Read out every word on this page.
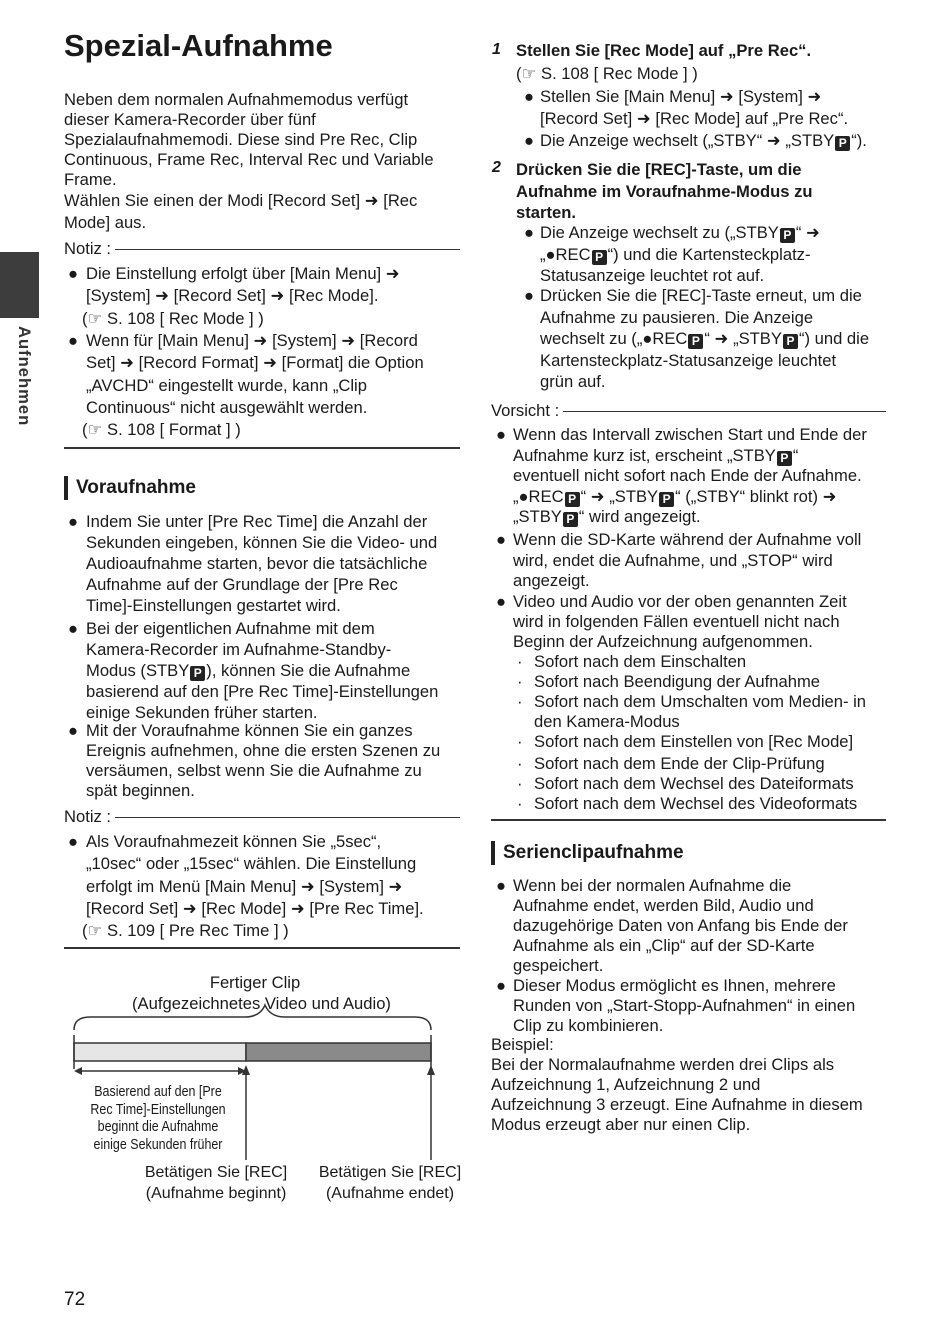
Aufnehmen
Spezial-Aufnahme
Neben dem normalen Aufnahmemodus verfügt
dieser Kamera-Recorder über fünf
Spezialaufnahmemodi. Diese sind Pre Rec, Clip
Continuous, Frame Rec, Interval Rec und Variable
Frame.
Wählen Sie einen der Modi [Record Set] ➜ [Rec
Mode] aus.
Notiz :
● Die Einstellung erfolgt über [Main Menu] ➜
[System] ➜ [Record Set] ➜ [Rec Mode].
(☞ S. 108 [ Rec Mode ] )
● Wenn für [Main Menu] ➜ [System] ➜ [Record
Set] ➜ [Record Format] ➜ [Format] die Option
„AVCHD“ eingestellt wurde, kann „Clip
Continuous“ nicht ausgewählt werden.
(☞ S. 108 [ Format ] )
Voraufnahme
● Indem Sie unter [Pre Rec Time] die Anzahl der
Sekunden eingeben, können Sie die Video- und
Audioaufnahme starten, bevor die tatsächliche
Aufnahme auf der Grundlage der [Pre Rec
Time]-Einstellungen gestartet wird.
● Bei der eigentlichen Aufnahme mit dem
Kamera-Recorder im Aufnahme-Standby-
Modus (STBY P ), können Sie die Aufnahme
basierend auf den [Pre Rec Time]-Einstellungen
einige Sekunden früher starten.
● Mit der Voraufnahme können Sie ein ganzes
Ereignis aufnehmen, ohne die ersten Szenen zu
versäumen, selbst wenn Sie die Aufnahme zu
spät beginnen.
Notiz :
● Als Voraufnahmezeit können Sie „5sec“,
„10sec“ oder „15sec“ wählen. Die Einstellung
erfolgt im Menü [Main Menu] ➜ [System] ➜
[Record Set] ➜ [Rec Mode] ➜ [Pre Rec Time].
(☞ S. 109 [ Pre Rec Time ] )
Fertiger Clip
(Aufgezeichnetes Video und Audio)
Basierend auf den [Pre
Rec Time]-Einstellungen
beginnt die Aufnahme
einige Sekunden früher
Betätigen Sie [REC]
(Aufnahme beginnt)
Betätigen Sie [REC]
(Aufnahme endet)
72
1 Stellen Sie [Rec Mode] auf „Pre Rec“.
(☞ S. 108 [ Rec Mode ] )
● Stellen Sie [Main Menu] ➜ [System] ➜
[Record Set] ➜ [Rec Mode] auf „Pre Rec“.
● Die Anzeige wechselt („STBY“ ➜ „STBY P “).
2 Drücken Sie die [REC]-Taste, um die
Aufnahme im Voraufnahme-Modus zu
starten.
● Die Anzeige wechselt zu („STBY P “ ➜
„●REC P “) und die Kartensteckplatz-
Statusanzeige leuchtet rot auf.
● Drücken Sie die [REC]-Taste erneut, um die
Aufnahme zu pausieren. Die Anzeige
wechselt zu („●REC P “ ➜ „STBY P “) und die
Kartensteckplatz-Statusanzeige leuchtet
grün auf.
Vorsicht :
● Wenn das Intervall zwischen Start und Ende der
Aufnahme kurz ist, erscheint „STBY P “
eventuell nicht sofort nach Ende der Aufnahme.
„●REC P “ ➜ „STBY P “ („STBY“ blinkt rot) ➜
„STBY P “ wird angezeigt.
● Wenn die SD-Karte während der Aufnahme voll
wird, endet die Aufnahme, und „STOP“ wird
angezeigt.
● Video und Audio vor der oben genannten Zeit
wird in folgenden Fällen eventuell nicht nach
Beginn der Aufzeichnung aufgenommen.
· Sofort nach dem Einschalten
· Sofort nach Beendigung der Aufnahme
· Sofort nach dem Umschalten vom Medien- in
den Kamera-Modus
· Sofort nach dem Einstellen von [Rec Mode]
· Sofort nach dem Ende der Clip-Prüfung
· Sofort nach dem Wechsel des Dateiformats
· Sofort nach dem Wechsel des Videoformats
Serienclipaufnahme
● Wenn bei der normalen Aufnahme die
Aufnahme endet, werden Bild, Audio und
dazugehörige Daten von Anfang bis Ende der
Aufnahme als ein „Clip“ auf der SD-Karte
gespeichert.
● Dieser Modus ermöglicht es Ihnen, mehrere
Runden von „Start-Stopp-Aufnahmen“ in einen
Clip zu kombinieren.
Beispiel:
Bei der Normalaufnahme werden drei Clips als
Aufzeichnung 1, Aufzeichnung 2 und
Aufzeichnung 3 erzeugt. Eine Aufnahme in diesem
Modus erzeugt aber nur einen Clip.
